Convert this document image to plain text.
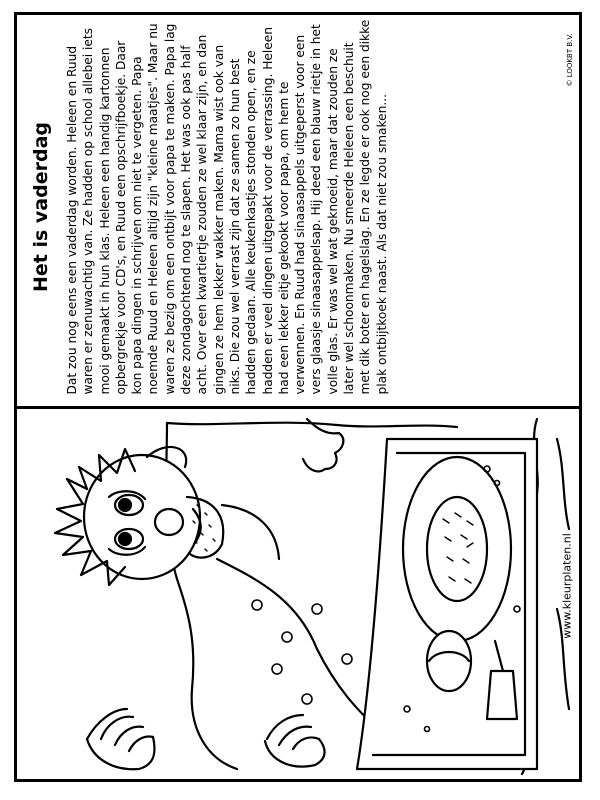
Het is vaderdag Dat zou nog eens een vaderdag worden. Heleen en Ruud waren er zenuwachtig van. Ze hadden op school allebei iets mooi gemaakt in hun klas. Heleen een handig kartonnen opbergrekje voor CD's, en Ruud een opschrijfboekje. Daar kon papa dingen in schrijven om niet te vergeten. Papa noemde Ruud en Heleen altijd zijn "kleine maatjes". Maar nu waren ze bezig om een ontbijt voor papa te maken. Papa lag deze zondagochtend nog te slapen. Het was ook pas half acht. Over een kwartiertje zouden ze wel klaar zijn, en dan gingen ze hem lekker wakker maken. Mama wist ook van niks. Die zou wel verrast zijn dat ze samen zo hun best hadden gedaan. Alle keukenkastjes stonden open, en ze hadden er veel dingen uitgepakt voor de verrassing. Heleen had een lekker eitje gekookt voor papa, om hem te verwennen. En Ruud had sinaasappels uitgeperst voor een vers glaasje sinaasappelsap. Hij deed een blauw rietje in het volle glas. Er was wel wat geknoeid, maar dat zouden ze later wel schoonmaken. Nu smeerde Heleen een beschuit met dik boter en hagelslag. En ze legde er ook nog een dikke plak ontbijtkoek naast. Als dat niet zou smaken...

© LOOKBT B.V.
www.kleurplaten.nl
